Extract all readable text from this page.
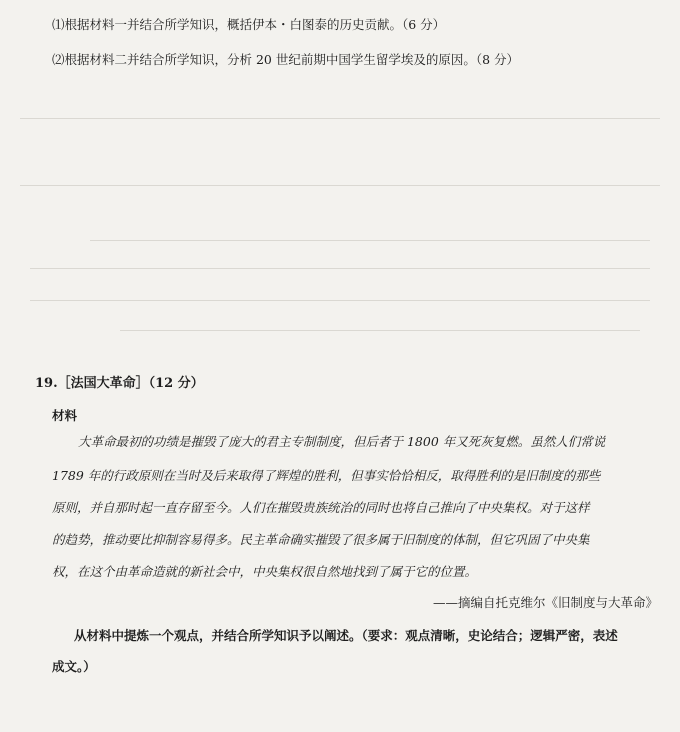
⑴根据材料一并结合所学知识，概括伊本・白图泰的历史贡献。（6 分）
⑵根据材料二并结合所学知识，分析 20 世纪前期中国学生留学埃及的原因。（8 分）
19.［法国大革命］（12 分）
材料
大革命最初的功绩是摧毁了庞大的君主专制制度，但后者于 1800 年又死灰复燃。虽然人们常说
1789 年的行政原则在当时及后来取得了辉煌的胜利，但事实恰恰相反，取得胜利的是旧制度的那些
原则，并自那时起一直存留至今。人们在摧毁贵族统治的同时也将自己推向了中央集权。对于这样
的趋势，推动要比抑制容易得多。民主革命确实摧毁了很多属于旧制度的体制，但它巩固了中央集
权，在这个由革命造就的新社会中，中央集权很自然地找到了属于它的位置。
——摘编自托克维尔《旧制度与大革命》
从材料中提炼一个观点，并结合所学知识予以阐述。（要求：观点清晰，史论结合；逻辑严密，表述
成文。）
